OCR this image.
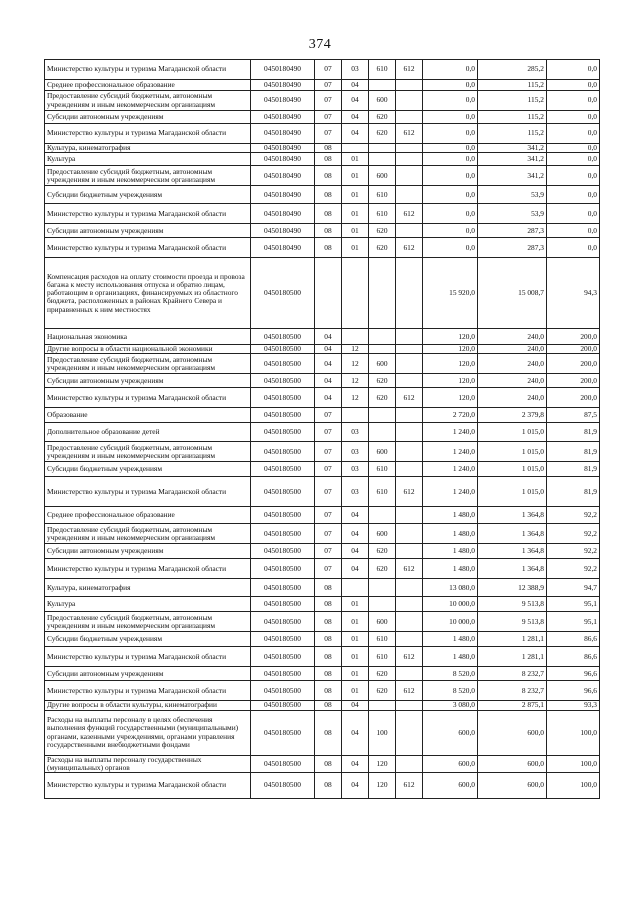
374
Министерство культуры и туризма Магаданской области	0450180490	07	03	610	612	0,0	285,2	0,0
Среднее профессиональное образование	0450180490	07	04			0,0	115,2	0,0
Предоставление субсидий бюджетным, автономным учреждениям и иным некоммерческим организациям	0450180490	07	04	600		0,0	115,2	0,0
Субсидии автономным учреждениям	0450180490	07	04	620		0,0	115,2	0,0
Министерство культуры и туризма Магаданской области	0450180490	07	04	620	612	0,0	115,2	0,0
Культура, кинематография	0450180490	08				0,0	341,2	0,0
Культура	0450180490	08	01			0,0	341,2	0,0
Предоставление субсидий бюджетным, автономным учреждениям и иным некоммерческим организациям	0450180490	08	01	600		0,0	341,2	0,0
Субсидии бюджетным учреждениям	0450180490	08	01	610		0,0	53,9	0,0
Министерство культуры и туризма Магаданской области	0450180490	08	01	610	612	0,0	53,9	0,0
Субсидии автономным учреждениям	0450180490	08	01	620		0,0	287,3	0,0
Министерство культуры и туризма Магаданской области	0450180490	08	01	620	612	0,0	287,3	0,0
Компенсация расходов на оплату стоимости проезда и провоза багажа к месту использования отпуска и обратно лицам, работающим в организациях, финансируемых из областного бюджета, расположенных в районах Крайнего Севера и приравненных к ним местностях	0450180500					15 920,0	15 008,7	94,3
Национальная экономика	0450180500	04				120,0	240,0	200,0
Другие вопросы в области национальной экономики	0450180500	04	12			120,0	240,0	200,0
Предоставление субсидий бюджетным, автономным учреждениям и иным некоммерческим организациям	0450180500	04	12	600		120,0	240,0	200,0
Субсидии автономным учреждениям	0450180500	04	12	620		120,0	240,0	200,0
Министерство культуры и туризма Магаданской области	0450180500	04	12	620	612	120,0	240,0	200,0
Образование	0450180500	07				2 720,0	2 379,8	87,5
Дополнительное образование детей	0450180500	07	03			1 240,0	1 015,0	81,9
Предоставление субсидий бюджетным, автономным учреждениям и иным некоммерческим организациям	0450180500	07	03	600		1 240,0	1 015,0	81,9
Субсидии бюджетным учреждениям	0450180500	07	03	610		1 240,0	1 015,0	81,9
Министерство культуры и туризма Магаданской области	0450180500	07	03	610	612	1 240,0	1 015,0	81,9
Среднее профессиональное образование	0450180500	07	04			1 480,0	1 364,8	92,2
Предоставление субсидий бюджетным, автономным учреждениям и иным некоммерческим организациям	0450180500	07	04	600		1 480,0	1 364,8	92,2
Субсидии автономным учреждениям	0450180500	07	04	620		1 480,0	1 364,8	92,2
Министерство культуры и туризма Магаданской области	0450180500	07	04	620	612	1 480,0	1 364,8	92,2
Культура, кинематография	0450180500	08				13 080,0	12 388,9	94,7
Культура	0450180500	08	01			10 000,0	9 513,8	95,1
Предоставление субсидий бюджетным, автономным учреждениям и иным некоммерческим организациям	0450180500	08	01	600		10 000,0	9 513,8	95,1
Субсидии бюджетным учреждениям	0450180500	08	01	610		1 480,0	1 281,1	86,6
Министерство культуры и туризма Магаданской области	0450180500	08	01	610	612	1 480,0	1 281,1	86,6
Субсидии автономным учреждениям	0450180500	08	01	620		8 520,0	8 232,7	96,6
Министерство культуры и туризма Магаданской области	0450180500	08	01	620	612	8 520,0	8 232,7	96,6
Другие вопросы в области культуры, кинематографии	0450180500	08	04			3 080,0	2 875,1	93,3
Расходы на выплаты персоналу в целях обеспечения выполнения функций государственными (муниципальными) органами, казенными учреждениями, органами управления государственными внебюджетными фондами	0450180500	08	04	100		600,0	600,0	100,0
Расходы на выплаты персоналу государственных (муниципальных) органов	0450180500	08	04	120		600,0	600,0	100,0
Министерство культуры и туризма Магаданской области	0450180500	08	04	120	612	600,0	600,0	100,0
